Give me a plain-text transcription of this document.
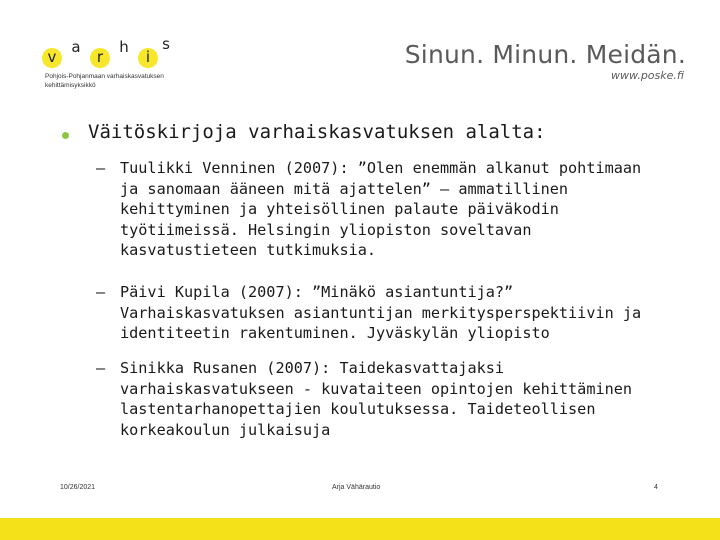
v
a
r
h
i
s
Pohjois-Pohjanmaan varhaiskasvatuksen
kehittämisyksikkö
Sinun. Minun. Meidän.
www.poske.fi
Väitöskirjoja varhaiskasvatuksen alalta:
– Tuulikki Venninen (2007): ”Olen enemmän alkanut pohtimaan ja sanomaan ääneen mitä ajattelen” – ammatillinen kehittyminen ja yhteisöllinen palaute päiväkodin työtiimeissä. Helsingin yliopiston soveltavan kasvatustieteen tutkimuksia.
– Päivi Kupila (2007): ”Minäkö asiantuntija?” Varhaiskasvatuksen asiantuntijan merkitysperspektiivin ja identiteetin rakentuminen. Jyväskylän yliopisto
– Sinikka Rusanen (2007): Taidekasvattajaksi varhaiskasvatukseen - kuvataiteen opintojen kehittäminen lastentarhanopettajien koulutuksessa. Taideteollisen korkeakoulun julkaisuja
10/26/2021	Arja Vähärautio	4
